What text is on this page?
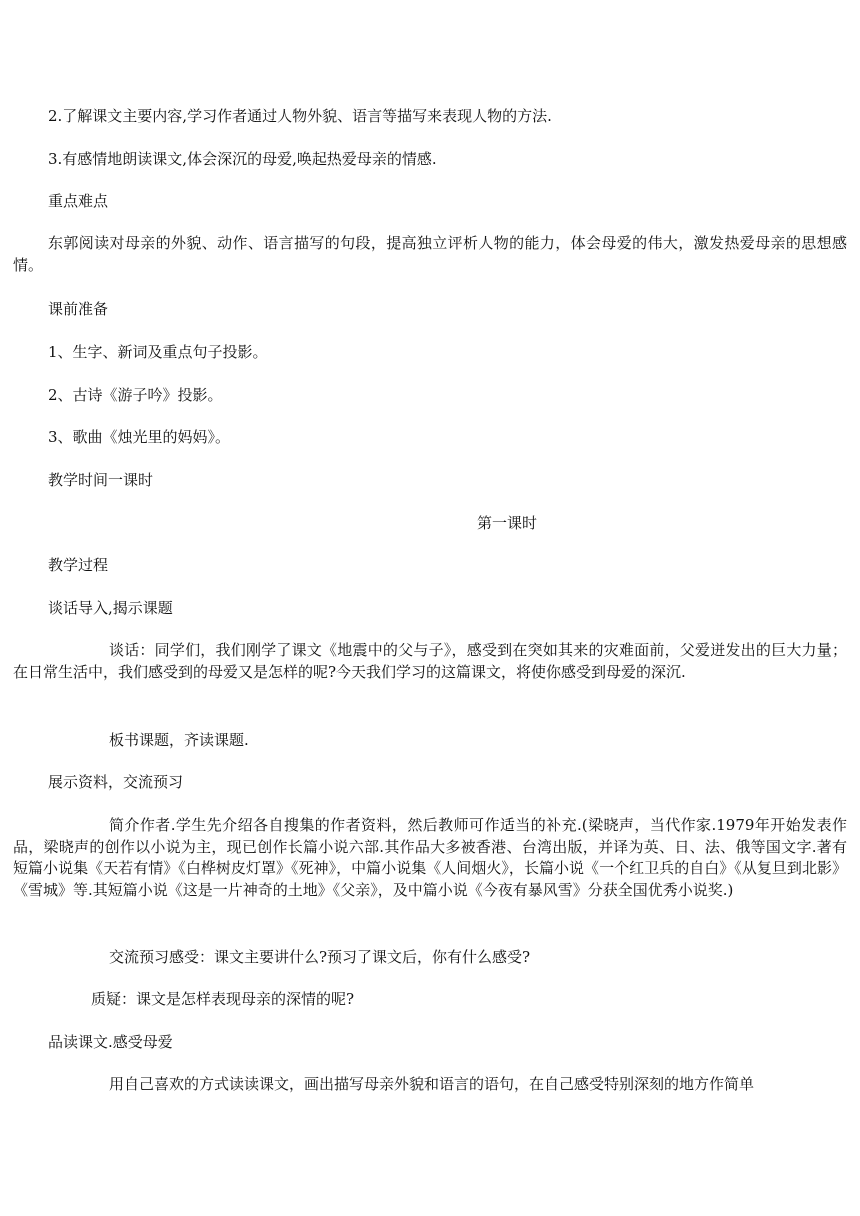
2.了解课文主要内容,学习作者通过人物外貌、语言等描写来表现人物的方法.
3.有感情地朗读课文,体会深沉的母爱,唤起热爱母亲的情感.
重点难点
东郭阅读对母亲的外貌、动作、语言描写的句段，提高独立评析人物的能力，体会母爱的伟大，激发热爱母亲的思想感情。
课前准备
1、生字、新词及重点句子投影。
2、古诗《游子吟》投影。
3、歌曲《烛光里的妈妈》。
教学时间一课时
第一课时
教学过程
谈话导入,揭示课题
谈话：同学们，我们刚学了课文《地震中的父与子》，感受到在突如其来的灾难面前，父爱迸发出的巨大力量；在日常生活中，我们感受到的母爱又是怎样的呢?今天我们学习的这篇课文，将使你感受到母爱的深沉.
板书课题，齐读课题.
展示资料，交流预习
简介作者.学生先介绍各自搜集的作者资料，然后教师可作适当的补充.(梁晓声，当代作家.1979年开始发表作品，梁晓声的创作以小说为主，现已创作长篇小说六部.其作品大多被香港、台湾出版，并译为英、日、法、俄等国文字.著有短篇小说集《天若有情》《白桦树皮灯罩》《死神》，中篇小说集《人间烟火》，长篇小说《一个红卫兵的自白》《从复旦到北影》《雪城》等.其短篇小说《这是一片神奇的土地》《父亲》，及中篇小说《今夜有暴风雪》分获全国优秀小说奖.)
交流预习感受：课文主要讲什么?预习了课文后，你有什么感受?
质疑：课文是怎样表现母亲的深情的呢?
品读课文.感受母爱
用自己喜欢的方式读读课文，画出描写母亲外貌和语言的语句，在自己感受特别深刻的地方作简单
